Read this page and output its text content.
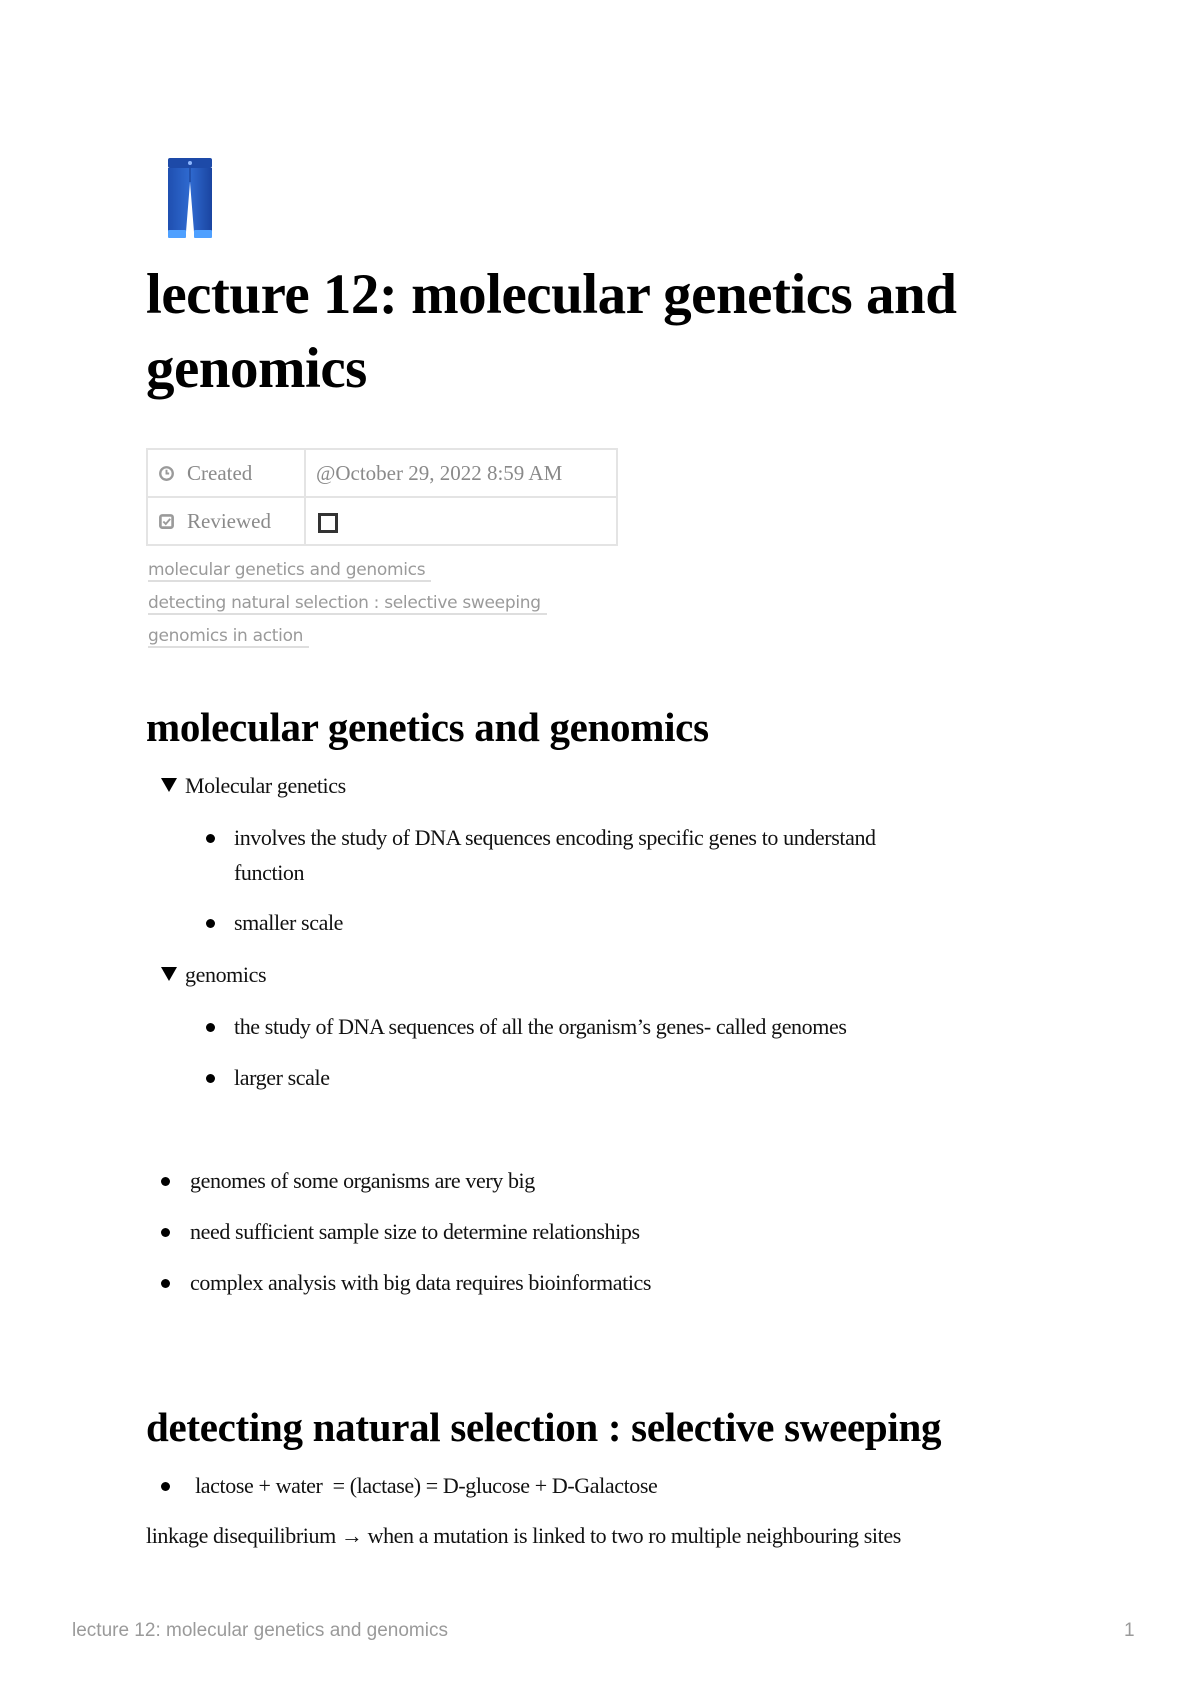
lecture 12: molecular genetics and
genomics
Created	@October 29, 2022 8:59 AM
Reviewed	
molecular genetics and genomics
detecting natural selection : selective sweeping
genomics in action
molecular genetics and genomics
Molecular genetics
involves the study of DNA sequences encoding specific genes to understand
function
smaller scale
genomics
the study of DNA sequences of all the organism’s genes- called genomes
larger scale
genomes of some organisms are very big
need sufficient sample size to determine relationships
complex analysis with big data requires bioinformatics
detecting natural selection : selective sweeping
lactose + water  = (lactase) = D-glucose + D-Galactose
linkage disequilibrium → when a mutation is linked to two ro multiple neighbouring sites
lecture 12: molecular genetics and genomics	1
